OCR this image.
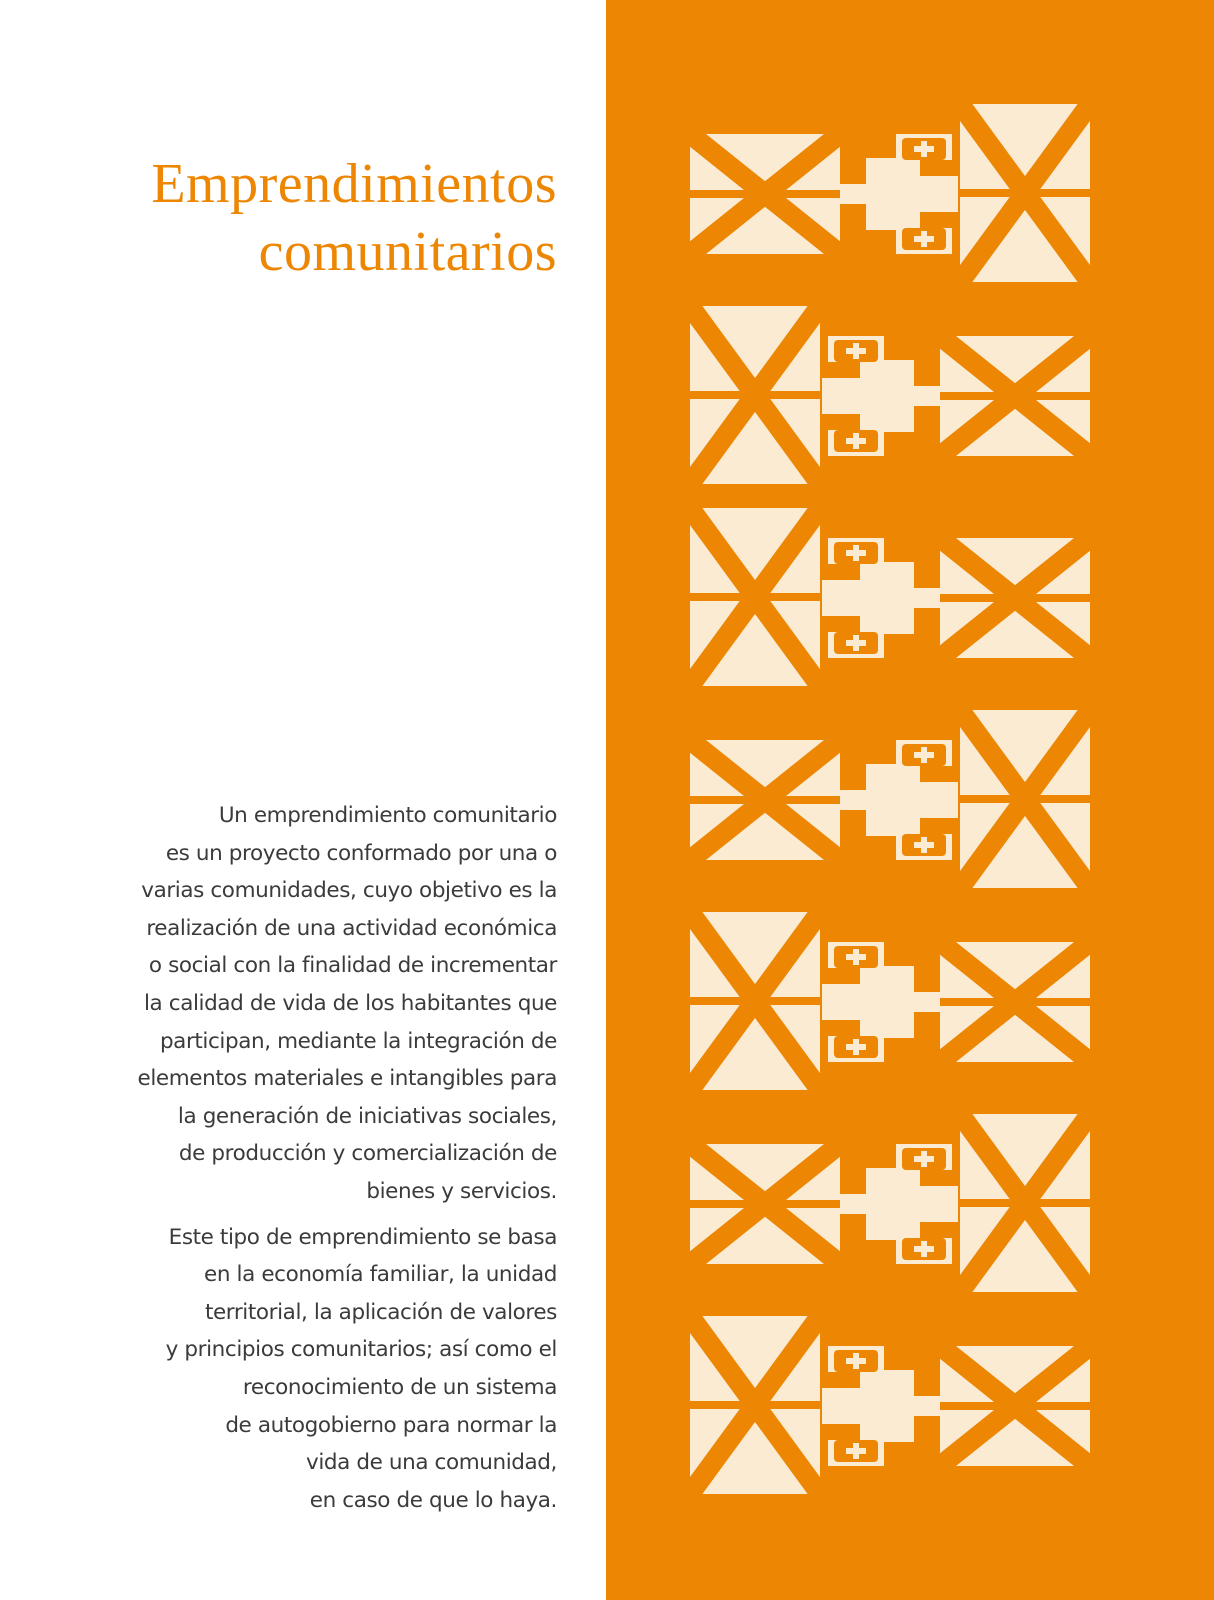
Emprendimientos
comunitarios

Un emprendimiento comunitario
es un proyecto conformado por una o
varias comunidades, cuyo objetivo es la
realización de una actividad económica
o social con la finalidad de incrementar
la calidad de vida de los habitantes que
participan, mediante la integración de
elementos materiales e intangibles para
la generación de iniciativas sociales,
de producción y comercialización de
bienes y servicios.

Este tipo de emprendimiento se basa
en la economía familiar, la unidad
territorial, la aplicación de valores
y principios comunitarios; así como el
reconocimiento de un sistema
de autogobierno para normar la
vida de una comunidad,
en caso de que lo haya.
